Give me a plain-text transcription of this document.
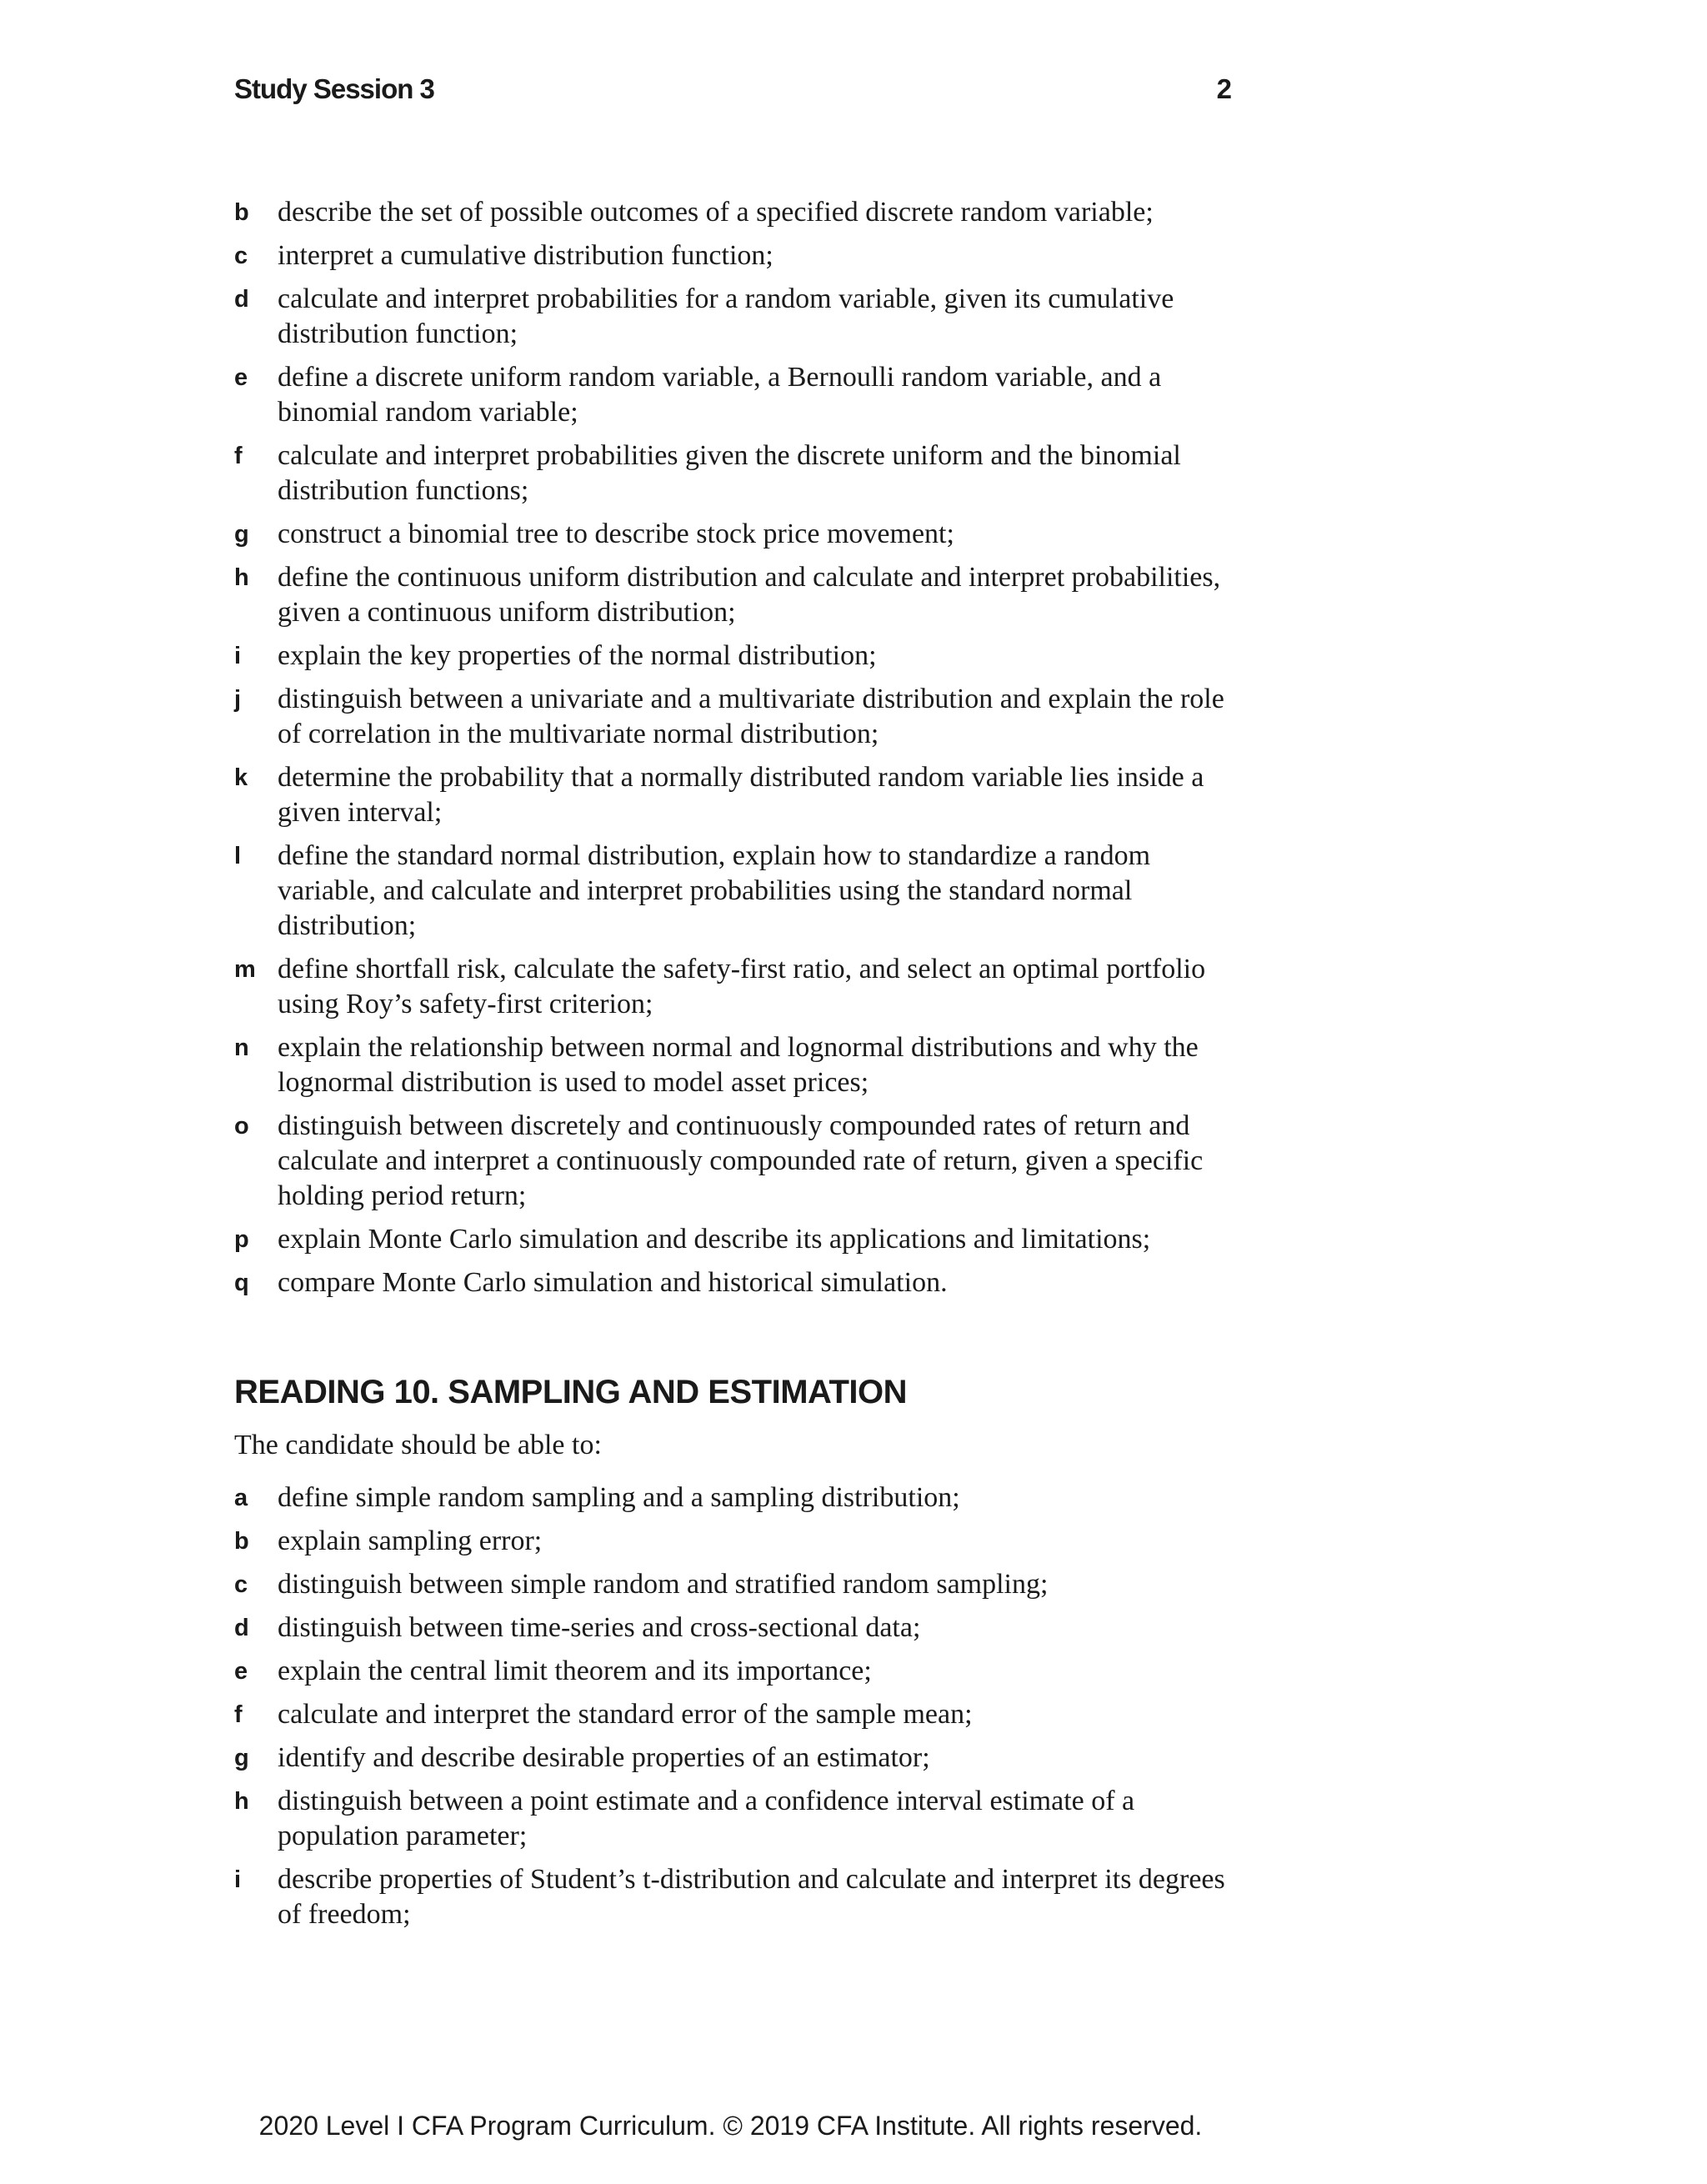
Study Session 3	2
b describe the set of possible outcomes of a specified discrete random variable;
c interpret a cumulative distribution function;
d calculate and interpret probabilities for a random variable, given its cumulative distribution function;
e define a discrete uniform random variable, a Bernoulli random variable, and a binomial random variable;
f calculate and interpret probabilities given the discrete uniform and the binomial distribution functions;
g construct a binomial tree to describe stock price movement;
h define the continuous uniform distribution and calculate and interpret probabilities, given a continuous uniform distribution;
i explain the key properties of the normal distribution;
j distinguish between a univariate and a multivariate distribution and explain the role of correlation in the multivariate normal distribution;
k determine the probability that a normally distributed random variable lies inside a given interval;
l define the standard normal distribution, explain how to standardize a random variable, and calculate and interpret probabilities using the standard normal distribution;
m define shortfall risk, calculate the safety-first ratio, and select an optimal portfolio using Roy’s safety-first criterion;
n explain the relationship between normal and lognormal distributions and why the lognormal distribution is used to model asset prices;
o distinguish between discretely and continuously compounded rates of return and calculate and interpret a continuously compounded rate of return, given a specific holding period return;
p explain Monte Carlo simulation and describe its applications and limitations;
q compare Monte Carlo simulation and historical simulation.
READING 10. SAMPLING AND ESTIMATION
The candidate should be able to:
a define simple random sampling and a sampling distribution;
b explain sampling error;
c distinguish between simple random and stratified random sampling;
d distinguish between time-series and cross-sectional data;
e explain the central limit theorem and its importance;
f calculate and interpret the standard error of the sample mean;
g identify and describe desirable properties of an estimator;
h distinguish between a point estimate and a confidence interval estimate of a population parameter;
i describe properties of Student’s t-distribution and calculate and interpret its degrees of freedom;
2020 Level I CFA Program Curriculum. © 2019 CFA Institute. All rights reserved.
